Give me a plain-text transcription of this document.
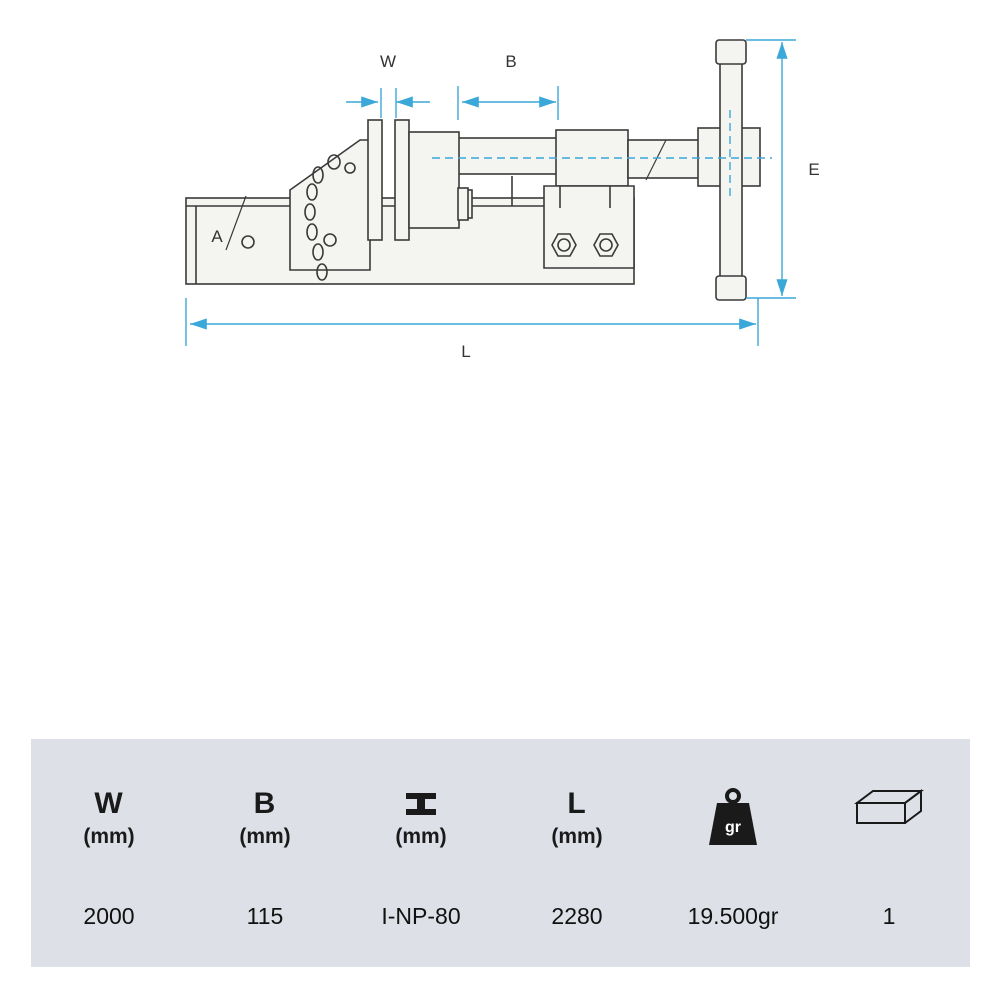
W	B
E
A
L
W
(mm)
2000
B
(mm)
115
(mm)
I-NP-80
L
(mm)
2280
gr
19.500gr	1
